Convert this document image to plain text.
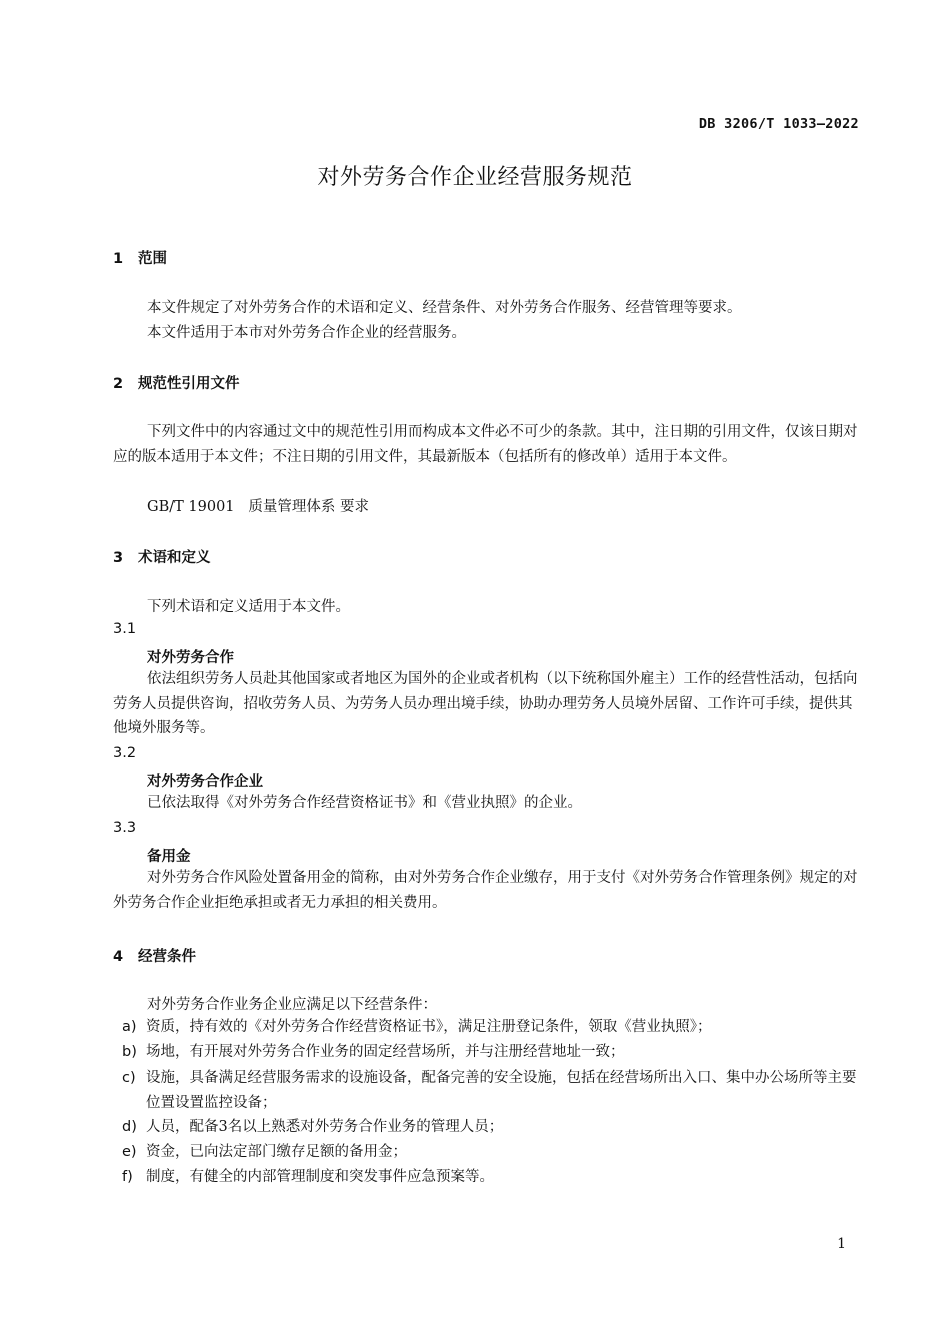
DB 3206/T 1033—2022
对外劳务合作企业经营服务规范
1 范围
本文件规定了对外劳务合作的术语和定义、经营条件、对外劳务合作服务、经营管理等要求。
本文件适用于本市对外劳务合作企业的经营服务。
2 规范性引用文件
下列文件中的内容通过文中的规范性引用而构成本文件必不可少的条款。其中，注日期的引用文件，仅该日期对应的版本适用于本文件；不注日期的引用文件，其最新版本（包括所有的修改单）适用于本文件。
GB/T 19001 质量管理体系 要求
3 术语和定义
下列术语和定义适用于本文件。
3.1
对外劳务合作
依法组织劳务人员赴其他国家或者地区为国外的企业或者机构（以下统称国外雇主）工作的经营性活动，包括向劳务人员提供咨询，招收劳务人员、为劳务人员办理出境手续，协助办理劳务人员境外居留、工作许可手续，提供其他境外服务等。
3.2
对外劳务合作企业
已依法取得《对外劳务合作经营资格证书》和《营业执照》的企业。
3.3
备用金
对外劳务合作风险处置备用金的简称，由对外劳务合作企业缴存，用于支付《对外劳务合作管理条例》规定的对外劳务合作企业拒绝承担或者无力承担的相关费用。
4 经营条件
对外劳务合作业务企业应满足以下经营条件：
a) 资质，持有效的《对外劳务合作经营资格证书》，满足注册登记条件，领取《营业执照》；
b) 场地，有开展对外劳务合作业务的固定经营场所，并与注册经营地址一致；
c) 设施，具备满足经营服务需求的设施设备，配备完善的安全设施，包括在经营场所出入口、集中办公场所等主要位置设置监控设备；
d) 人员，配备3名以上熟悉对外劳务合作业务的管理人员；
e) 资金，已向法定部门缴存足额的备用金；
f) 制度，有健全的内部管理制度和突发事件应急预案等。
1
